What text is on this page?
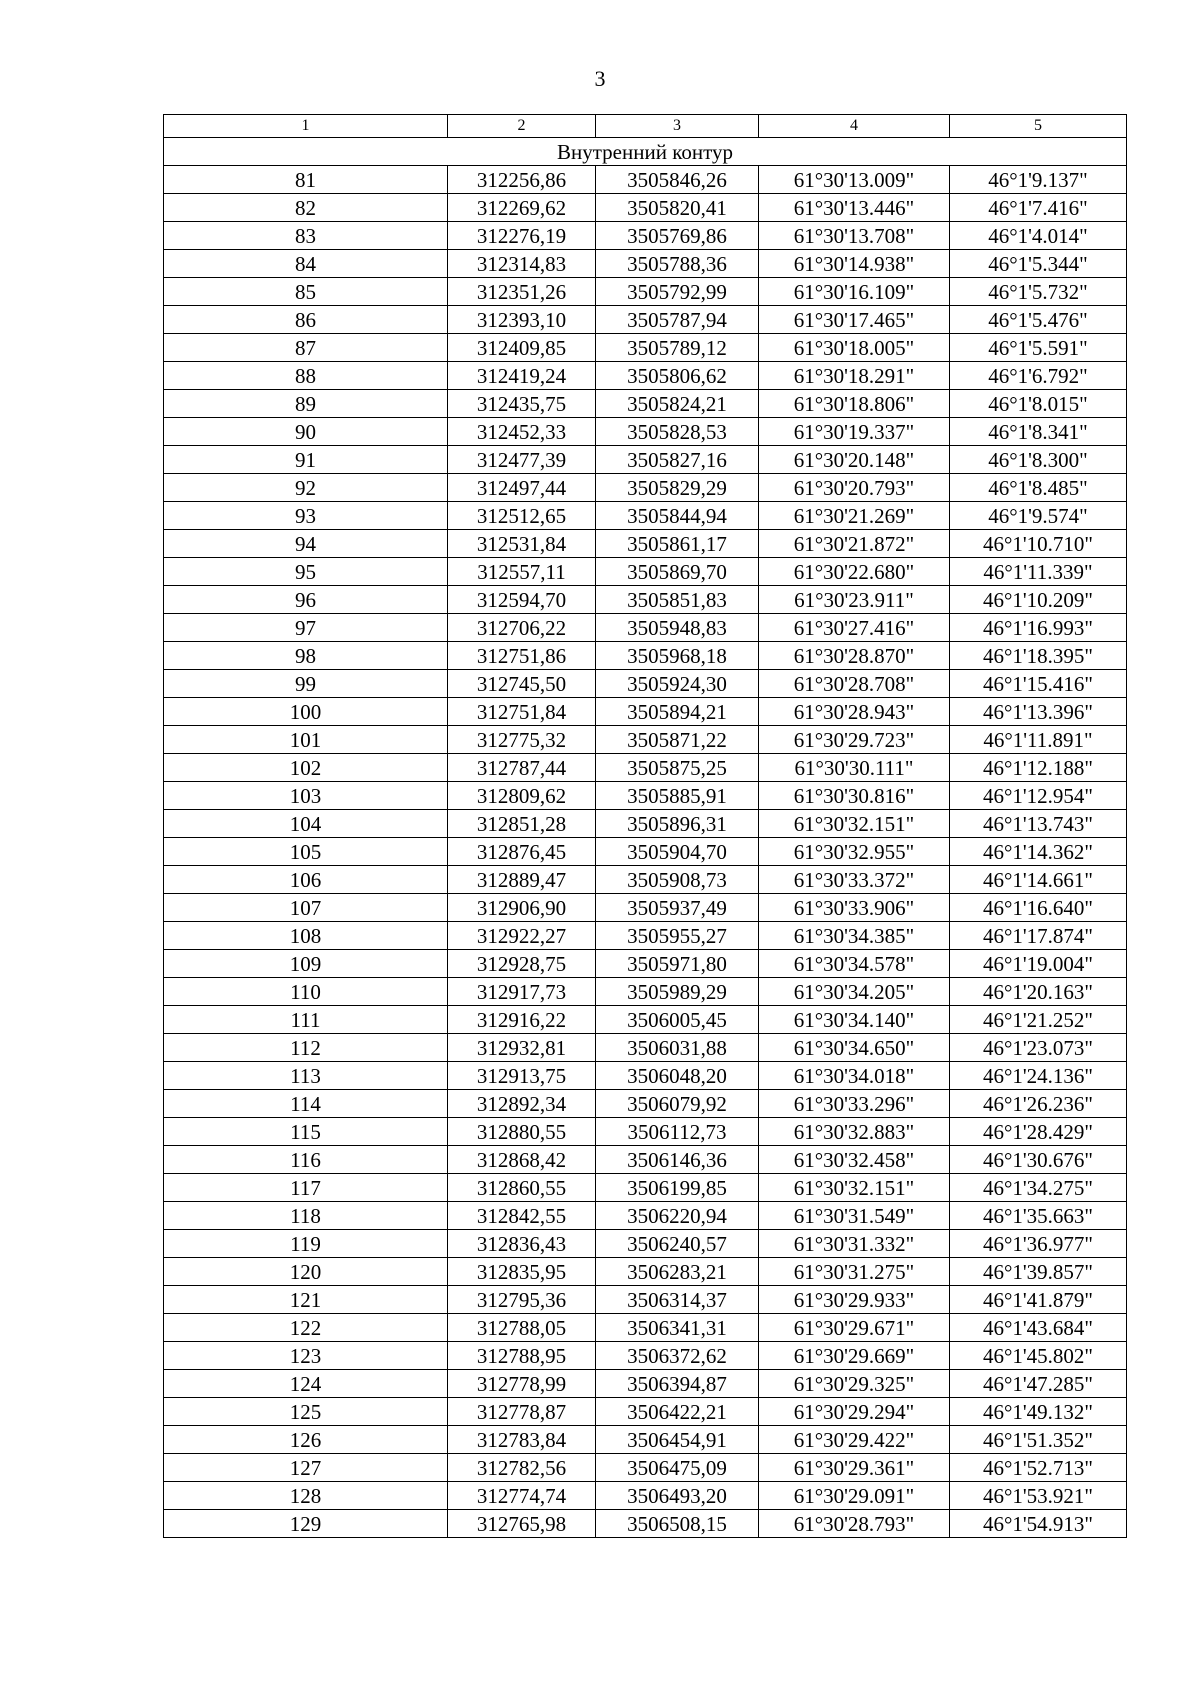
3
1	2	3	4	5
Внутренний контур				
81	312256,86	3505846,26	61°30'13.009"	46°1'9.137"
82	312269,62	3505820,41	61°30'13.446"	46°1'7.416"
83	312276,19	3505769,86	61°30'13.708"	46°1'4.014"
84	312314,83	3505788,36	61°30'14.938"	46°1'5.344"
85	312351,26	3505792,99	61°30'16.109"	46°1'5.732"
86	312393,10	3505787,94	61°30'17.465"	46°1'5.476"
87	312409,85	3505789,12	61°30'18.005"	46°1'5.591"
88	312419,24	3505806,62	61°30'18.291"	46°1'6.792"
89	312435,75	3505824,21	61°30'18.806"	46°1'8.015"
90	312452,33	3505828,53	61°30'19.337"	46°1'8.341"
91	312477,39	3505827,16	61°30'20.148"	46°1'8.300"
92	312497,44	3505829,29	61°30'20.793"	46°1'8.485"
93	312512,65	3505844,94	61°30'21.269"	46°1'9.574"
94	312531,84	3505861,17	61°30'21.872"	46°1'10.710"
95	312557,11	3505869,70	61°30'22.680"	46°1'11.339"
96	312594,70	3505851,83	61°30'23.911"	46°1'10.209"
97	312706,22	3505948,83	61°30'27.416"	46°1'16.993"
98	312751,86	3505968,18	61°30'28.870"	46°1'18.395"
99	312745,50	3505924,30	61°30'28.708"	46°1'15.416"
100	312751,84	3505894,21	61°30'28.943"	46°1'13.396"
101	312775,32	3505871,22	61°30'29.723"	46°1'11.891"
102	312787,44	3505875,25	61°30'30.111"	46°1'12.188"
103	312809,62	3505885,91	61°30'30.816"	46°1'12.954"
104	312851,28	3505896,31	61°30'32.151"	46°1'13.743"
105	312876,45	3505904,70	61°30'32.955"	46°1'14.362"
106	312889,47	3505908,73	61°30'33.372"	46°1'14.661"
107	312906,90	3505937,49	61°30'33.906"	46°1'16.640"
108	312922,27	3505955,27	61°30'34.385"	46°1'17.874"
109	312928,75	3505971,80	61°30'34.578"	46°1'19.004"
110	312917,73	3505989,29	61°30'34.205"	46°1'20.163"
111	312916,22	3506005,45	61°30'34.140"	46°1'21.252"
112	312932,81	3506031,88	61°30'34.650"	46°1'23.073"
113	312913,75	3506048,20	61°30'34.018"	46°1'24.136"
114	312892,34	3506079,92	61°30'33.296"	46°1'26.236"
115	312880,55	3506112,73	61°30'32.883"	46°1'28.429"
116	312868,42	3506146,36	61°30'32.458"	46°1'30.676"
117	312860,55	3506199,85	61°30'32.151"	46°1'34.275"
118	312842,55	3506220,94	61°30'31.549"	46°1'35.663"
119	312836,43	3506240,57	61°30'31.332"	46°1'36.977"
120	312835,95	3506283,21	61°30'31.275"	46°1'39.857"
121	312795,36	3506314,37	61°30'29.933"	46°1'41.879"
122	312788,05	3506341,31	61°30'29.671"	46°1'43.684"
123	312788,95	3506372,62	61°30'29.669"	46°1'45.802"
124	312778,99	3506394,87	61°30'29.325"	46°1'47.285"
125	312778,87	3506422,21	61°30'29.294"	46°1'49.132"
126	312783,84	3506454,91	61°30'29.422"	46°1'51.352"
127	312782,56	3506475,09	61°30'29.361"	46°1'52.713"
128	312774,74	3506493,20	61°30'29.091"	46°1'53.921"
129	312765,98	3506508,15	61°30'28.793"	46°1'54.913"
